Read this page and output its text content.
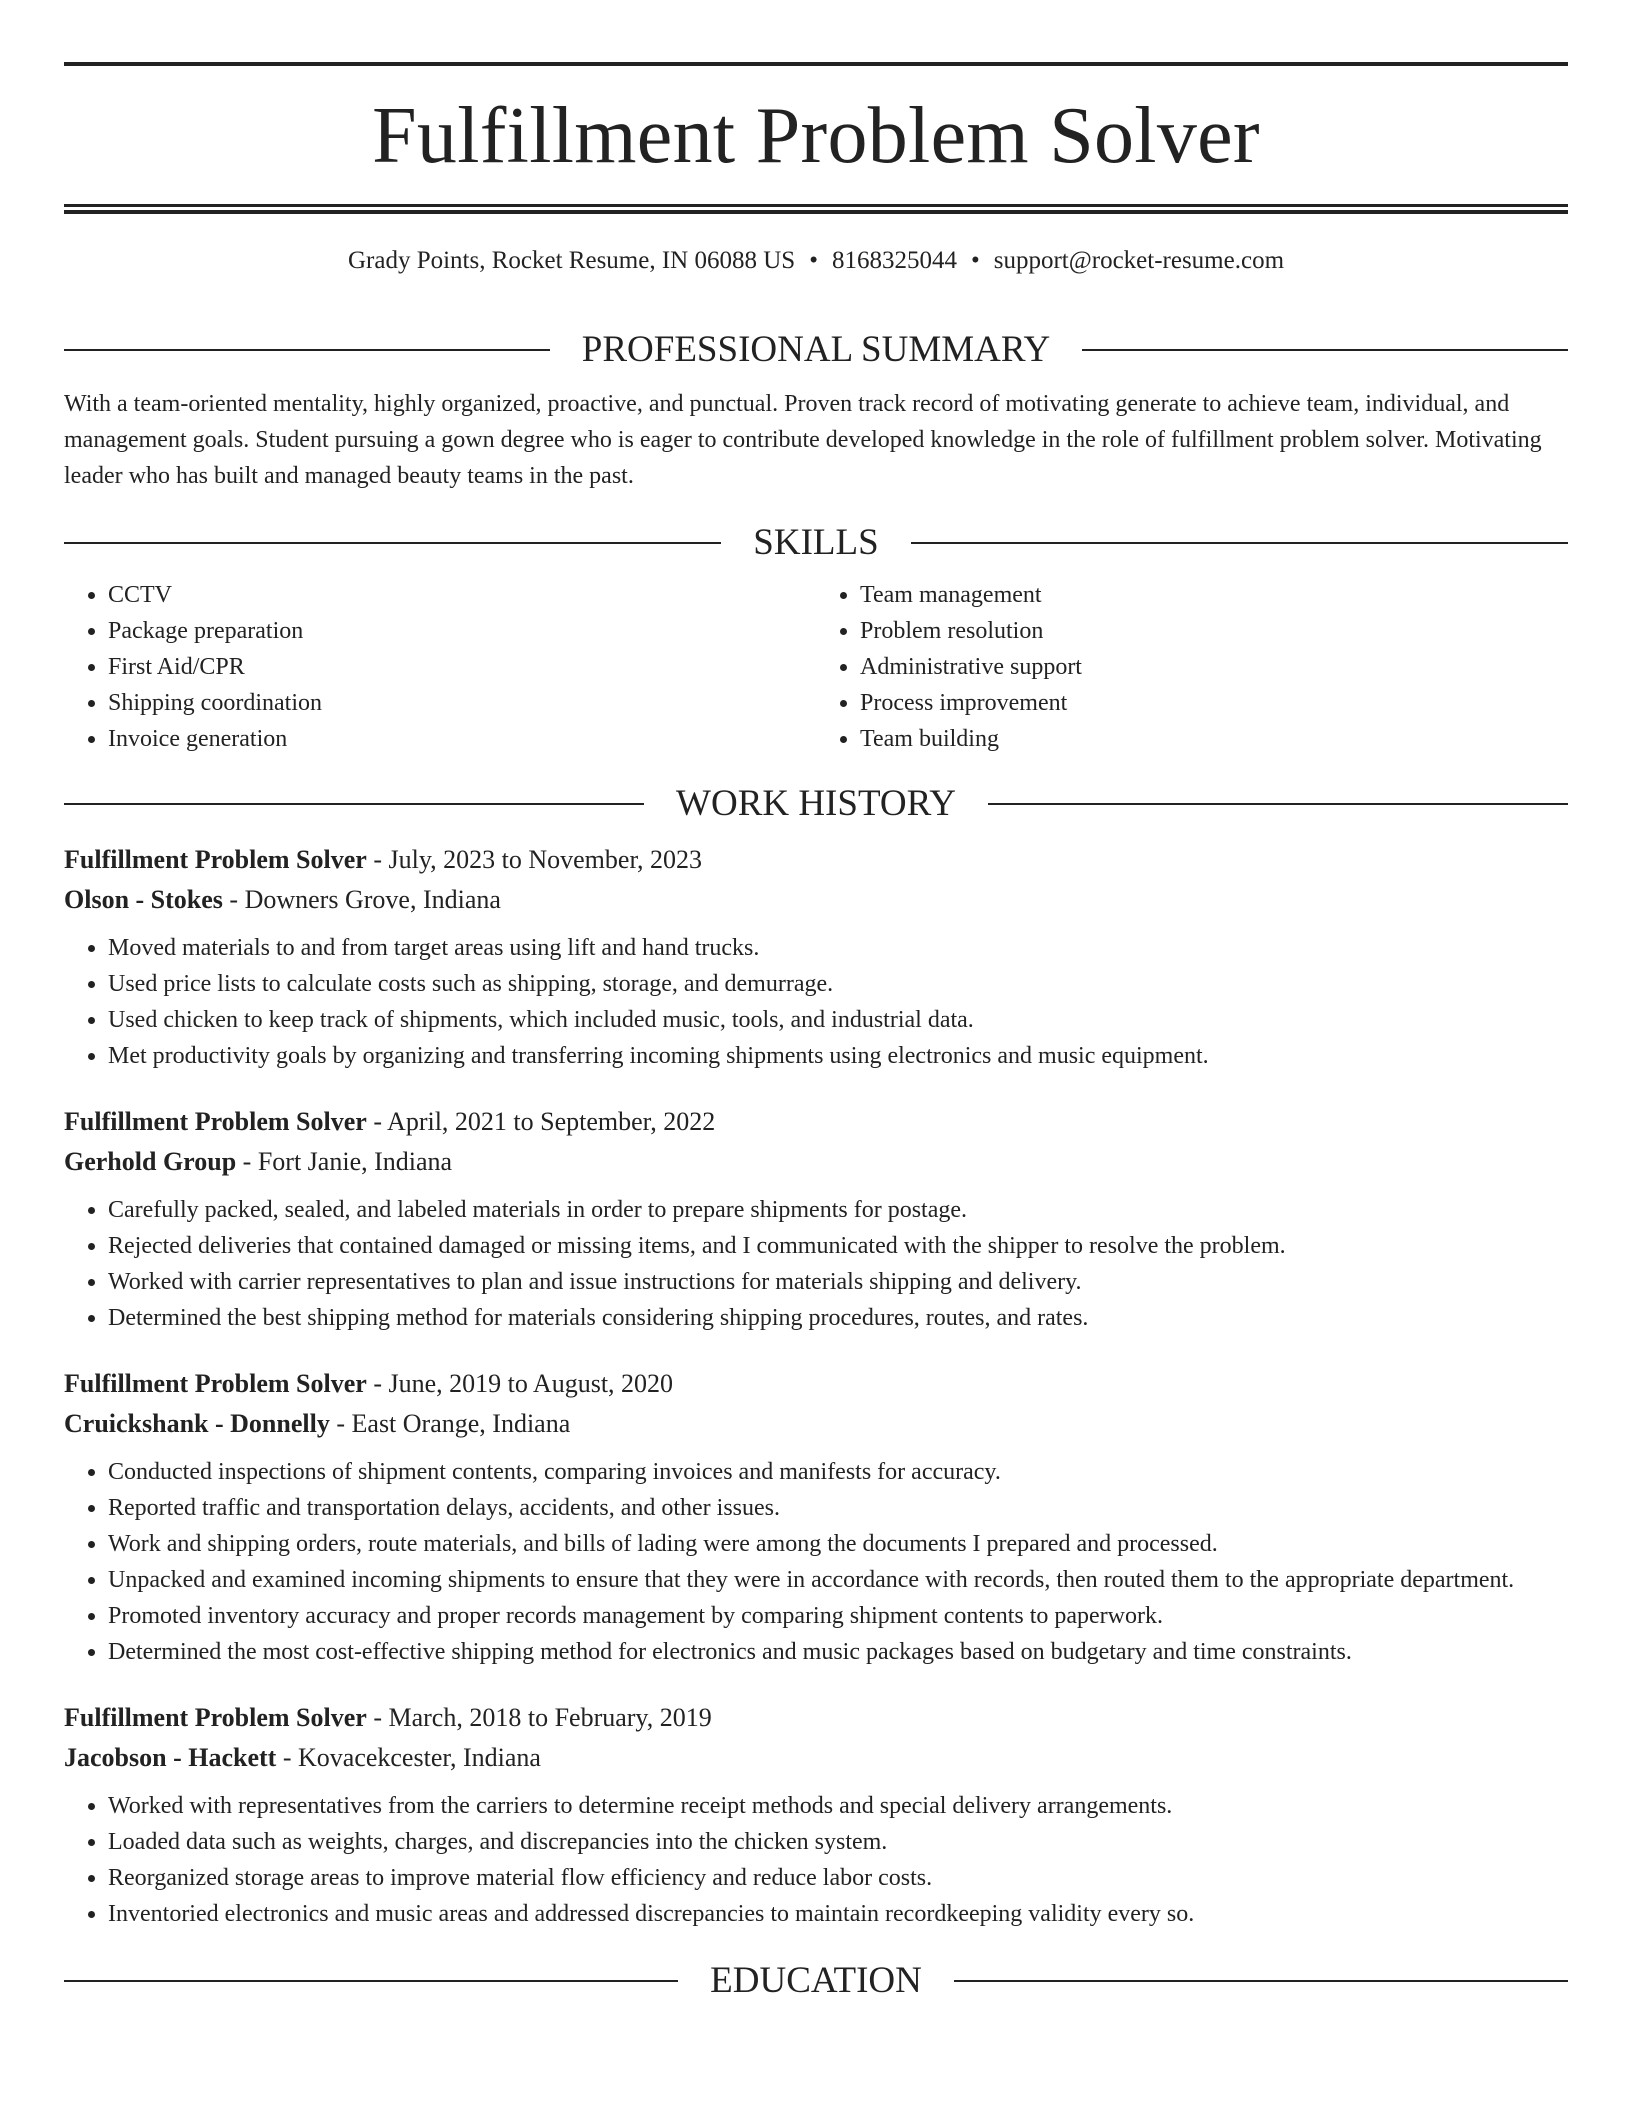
Fulfillment Problem Solver
Grady Points, Rocket Resume, IN 06088 US • 8168325044 • support@rocket-resume.com
PROFESSIONAL SUMMARY

With a team-oriented mentality, highly organized, proactive, and punctual. Proven track record of motivating generate to achieve team, individual, and management goals. Student pursuing a gown degree who is eager to contribute developed knowledge in the role of fulfillment problem solver. Motivating leader who has built and managed beauty teams in the past.

SKILLS
• CCTV
• Package preparation
• First Aid/CPR
• Shipping coordination
• Invoice generation
• Team management
• Problem resolution
• Administrative support
• Process improvement
• Team building
WORK HISTORY
Fulfillment Problem Solver - July, 2023 to November, 2023
Olson - Stokes - Downers Grove, Indiana
• Moved materials to and from target areas using lift and hand trucks.
• Used price lists to calculate costs such as shipping, storage, and demurrage.
• Used chicken to keep track of shipments, which included music, tools, and industrial data.
• Met productivity goals by organizing and transferring incoming shipments using electronics and music equipment.
Fulfillment Problem Solver - April, 2021 to September, 2022
Gerhold Group - Fort Janie, Indiana
• Carefully packed, sealed, and labeled materials in order to prepare shipments for postage.
• Rejected deliveries that contained damaged or missing items, and I communicated with the shipper to resolve the problem.
• Worked with carrier representatives to plan and issue instructions for materials shipping and delivery.
• Determined the best shipping method for materials considering shipping procedures, routes, and rates.
Fulfillment Problem Solver - June, 2019 to August, 2020
Cruickshank - Donnelly - East Orange, Indiana
• Conducted inspections of shipment contents, comparing invoices and manifests for accuracy.
• Reported traffic and transportation delays, accidents, and other issues.
• Work and shipping orders, route materials, and bills of lading were among the documents I prepared and processed.
• Unpacked and examined incoming shipments to ensure that they were in accordance with records, then routed them to the appropriate department.
• Promoted inventory accuracy and proper records management by comparing shipment contents to paperwork.
• Determined the most cost-effective shipping method for electronics and music packages based on budgetary and time constraints.
Fulfillment Problem Solver - March, 2018 to February, 2019
Jacobson - Hackett - Kovacekcester, Indiana
• Worked with representatives from the carriers to determine receipt methods and special delivery arrangements.
• Loaded data such as weights, charges, and discrepancies into the chicken system.
• Reorganized storage areas to improve material flow efficiency and reduce labor costs.
• Inventoried electronics and music areas and addressed discrepancies to maintain recordkeeping validity every so.
EDUCATION
